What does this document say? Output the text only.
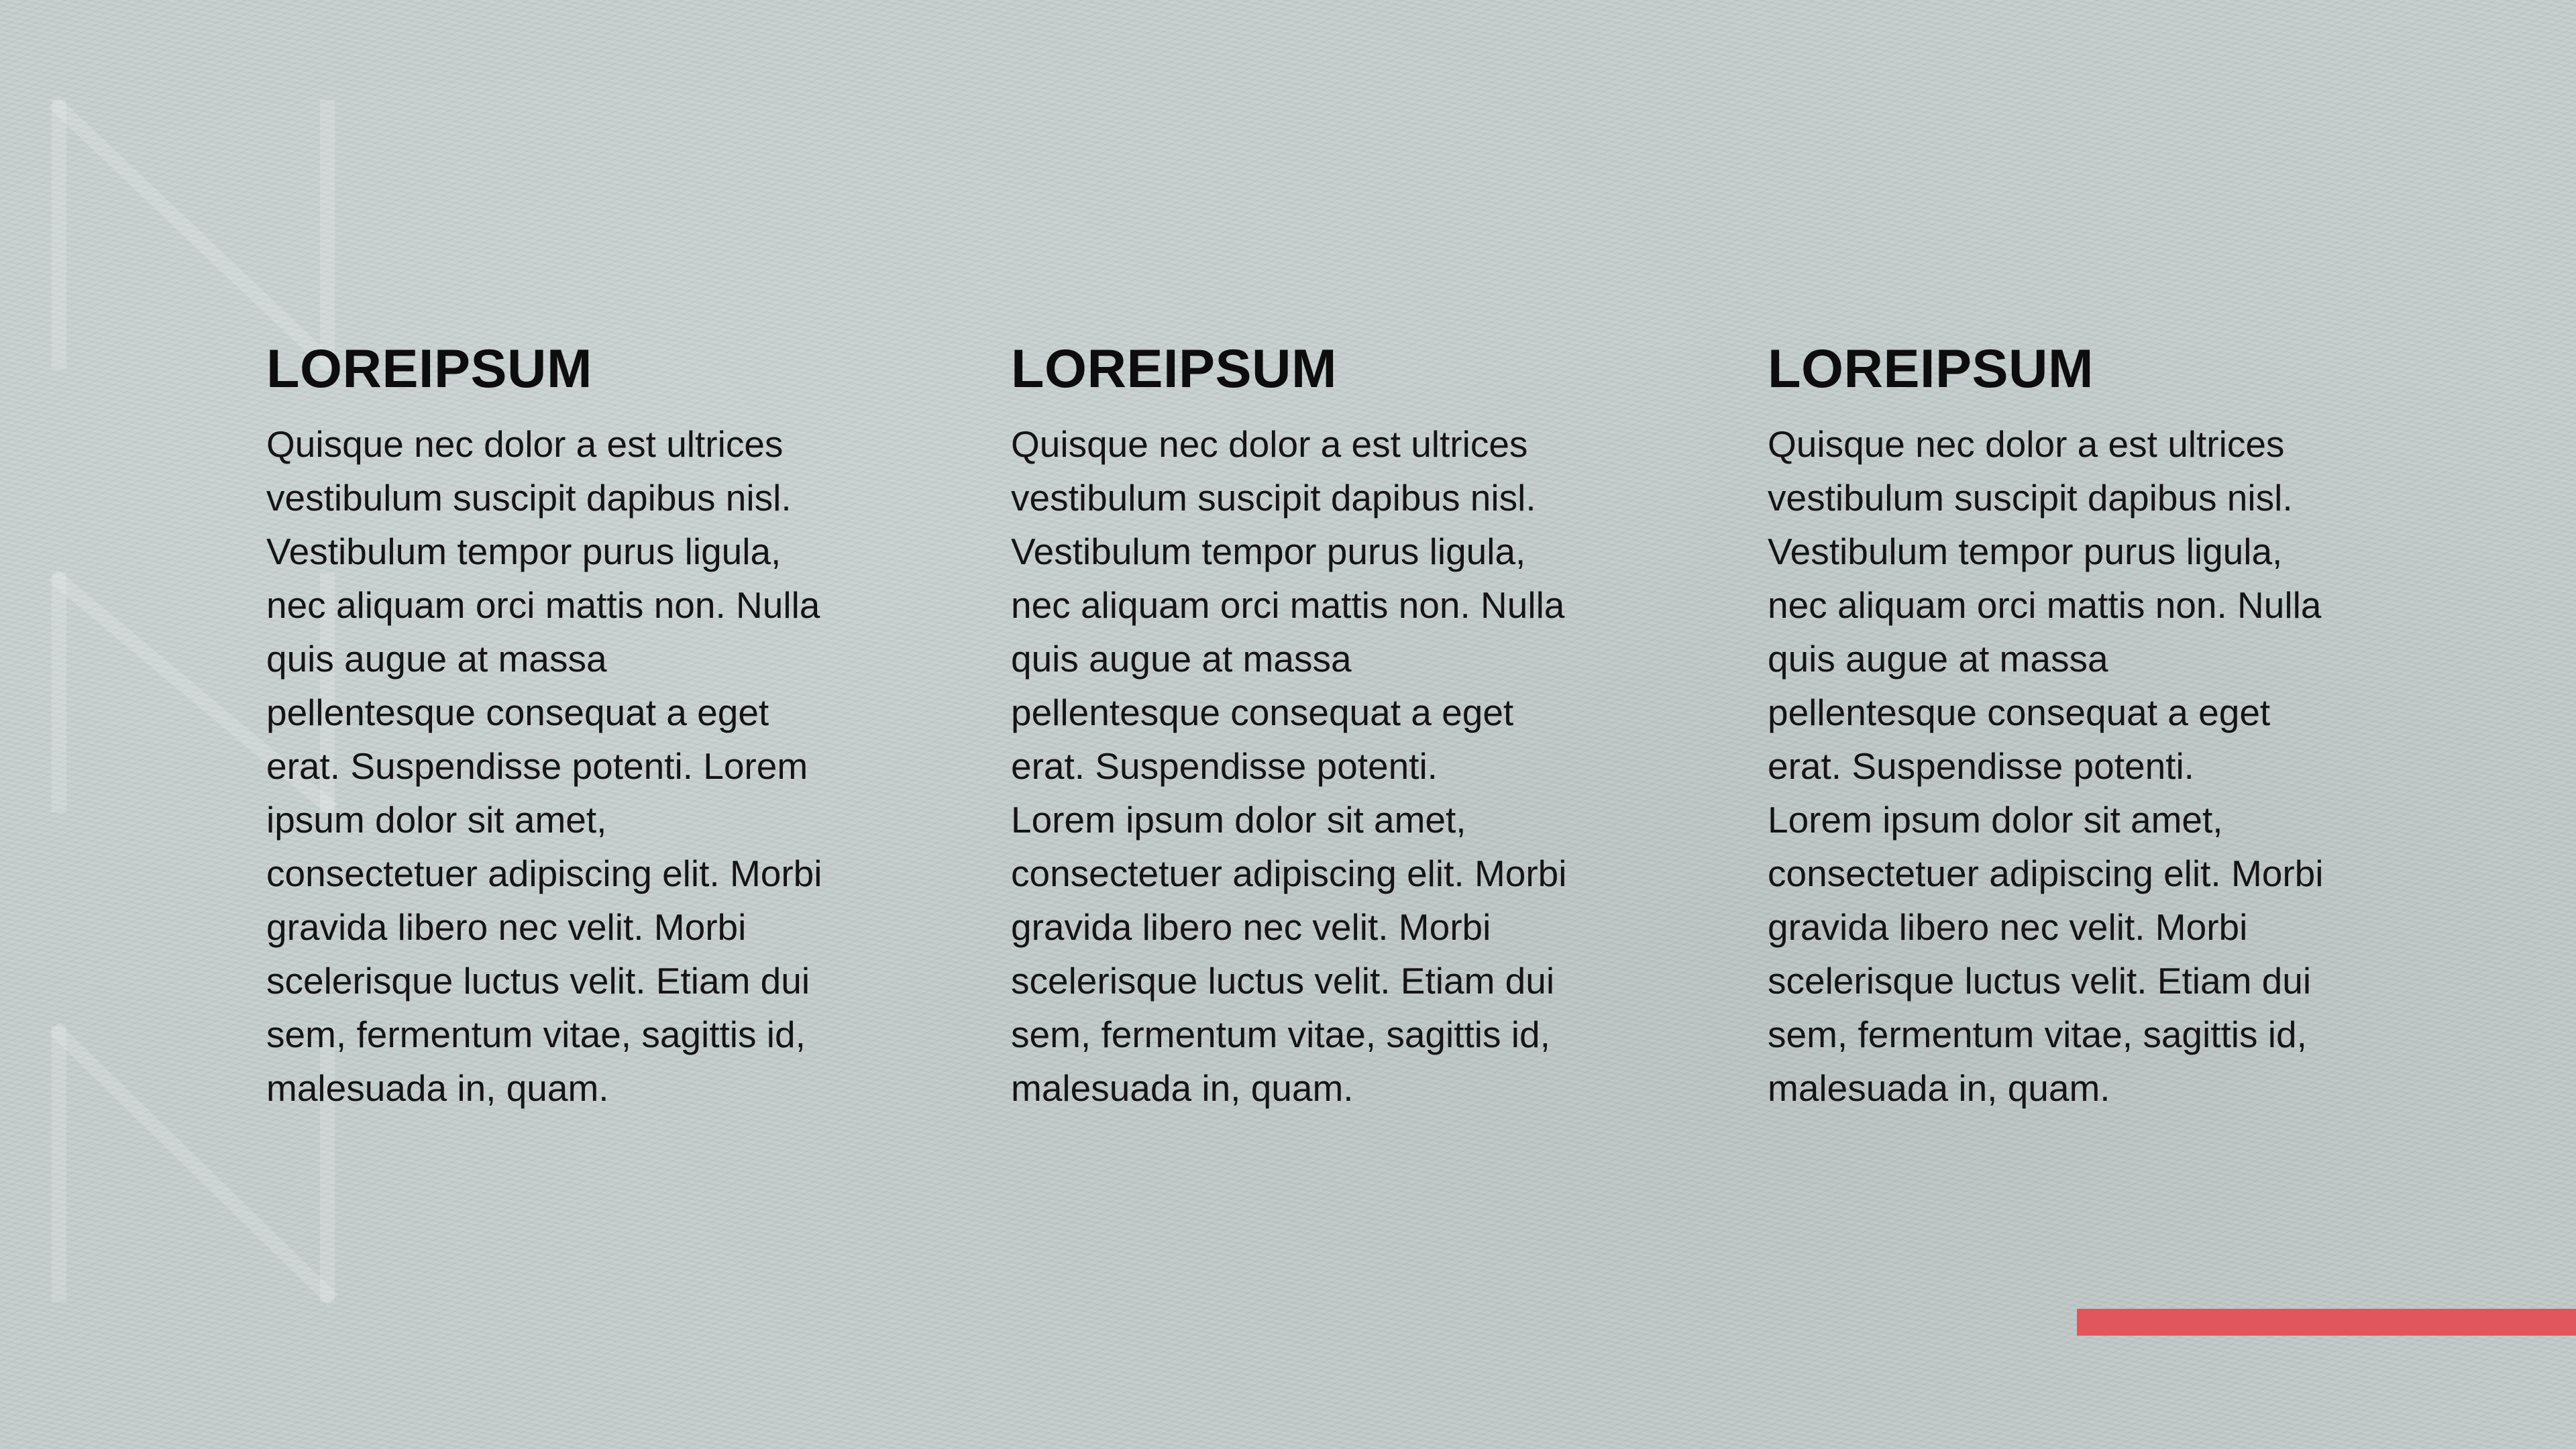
LOREIPSUM

Quisque nec dolor a est ultrices
vestibulum suscipit dapibus nisl.
Vestibulum tempor purus ligula,
nec aliquam orci mattis non. Nulla
quis augue at massa
pellentesque consequat a eget
erat. Suspendisse potenti. Lorem
ipsum dolor sit amet,
consectetuer adipiscing elit. Morbi
gravida libero nec velit. Morbi
scelerisque luctus velit. Etiam dui
sem, fermentum vitae, sagittis id,
malesuada in, quam.

LOREIPSUM

Quisque nec dolor a est ultrices
vestibulum suscipit dapibus nisl.
Vestibulum tempor purus ligula,
nec aliquam orci mattis non. Nulla
quis augue at massa
pellentesque consequat a eget
erat. Suspendisse potenti.
Lorem ipsum dolor sit amet,
consectetuer adipiscing elit. Morbi
gravida libero nec velit. Morbi
scelerisque luctus velit. Etiam dui
sem, fermentum vitae, sagittis id,
malesuada in, quam.

LOREIPSUM

Quisque nec dolor a est ultrices
vestibulum suscipit dapibus nisl.
Vestibulum tempor purus ligula,
nec aliquam orci mattis non. Nulla
quis augue at massa
pellentesque consequat a eget
erat. Suspendisse potenti.
Lorem ipsum dolor sit amet,
consectetuer adipiscing elit. Morbi
gravida libero nec velit. Morbi
scelerisque luctus velit. Etiam dui
sem, fermentum vitae, sagittis id,
malesuada in, quam.
